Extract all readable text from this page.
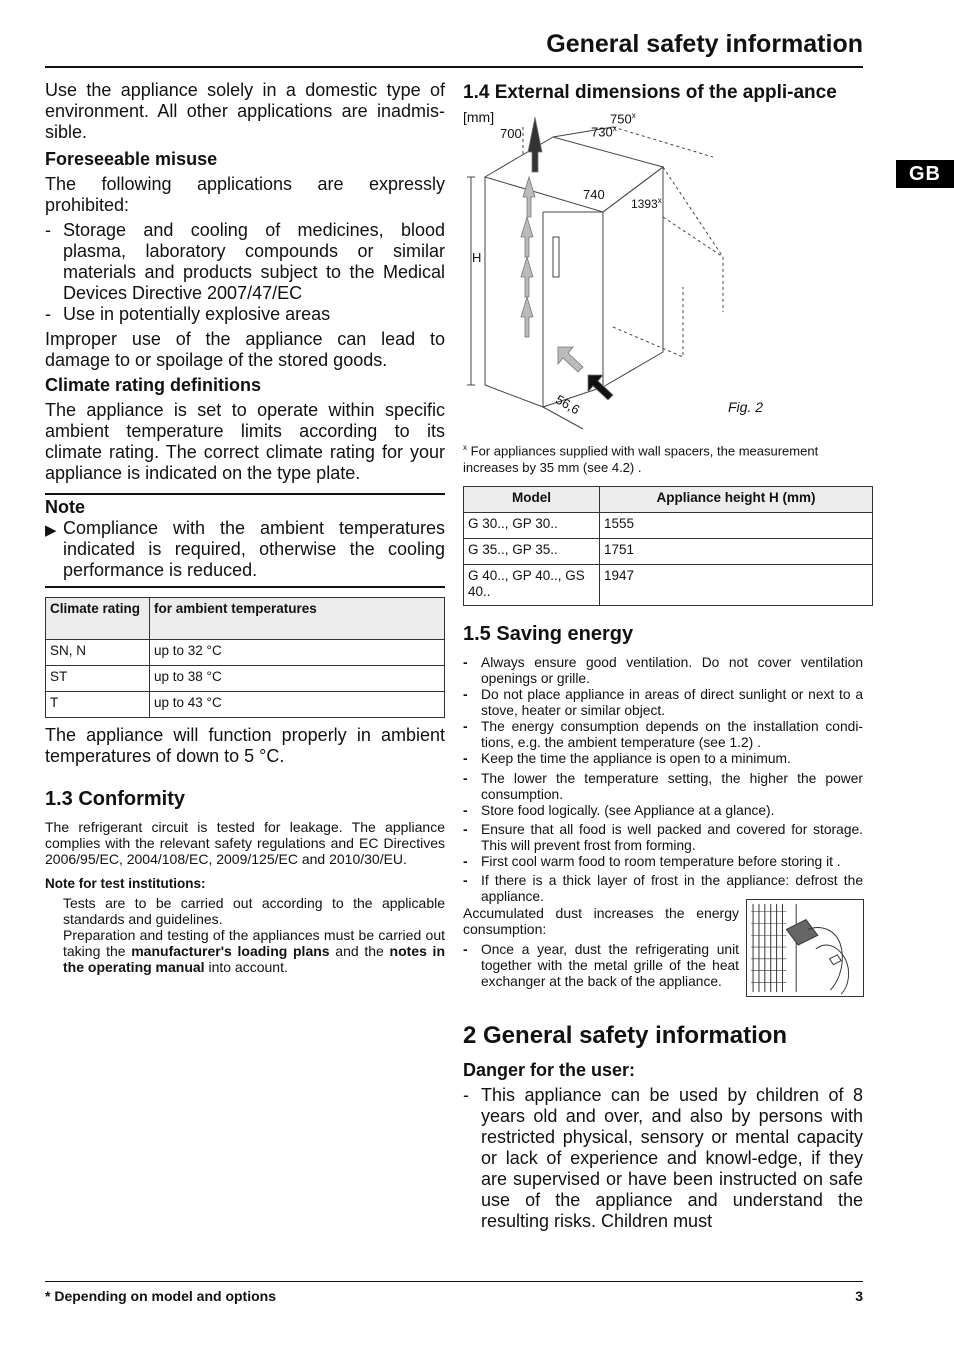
General safety information
GB

Use the appliance solely in a domestic type of environment. All other applications are inadmis-sible.

Foreseeable misuse

The following applications are expressly prohibited:

- Storage and cooling of medicines, blood plasma, laboratory compounds or similar materials and products subject to the Medical Devices Directive 2007/47/EC
- Use in potentially explosive areas

Improper use of the appliance can lead to damage to or spoilage of the stored goods.

Climate rating definitions

The appliance is set to operate within specific ambient temperature limits according to its climate rating. The correct climate rating for your appliance is indicated on the type plate.

Note
▶ Compliance with the ambient temperatures indicated is required, otherwise the cooling performance is reduced.
Climate rating	for ambient temperatures
SN, N	up to 32 °C
ST	up to 38 °C
T	up to 43 °C

The appliance will function properly in ambient temperatures of down to 5 °C.

1.3 Conformity

The refrigerant circuit is tested for leakage. The appliance complies with the relevant safety regulations and EC Directives 2006/95/EC, 2004/108/EC, 2009/125/EC and 2010/30/EU.

Note for test institutions:

Tests are to be carried out according to the applicable standards and guidelines.

Preparation and testing of the appliances must be carried out taking the manufacturer's loading plans and the notes in the operating manual into account.

1.4 External dimensions of the appli-ance
[mm]
700
750$^x$
730$^x$
740
1393$^x$
H
56,6	Fig. 2

$^x$ For appliances supplied with wall spacers, the measurement increases by 35 mm (see 4.2) .

Model	Appliance height H (mm)
G 30.., GP 30..	1555
G 35.., GP 35..	1751
G 40.., GP 40.., GS 40..	1947
1.5 Saving energy
- Always ensure good ventilation. Do not cover ventilation openings or grille.
- Do not place appliance in areas of direct sunlight or next to a stove, heater or similar object.
- The energy consumption depends on the installation condi-tions, e.g. the ambient temperature (see 1.2) .
- Keep the time the appliance is open to a minimum.
- The lower the temperature setting, the higher the power consumption.
- Store food logically. (see Appliance at a glance).
- Ensure that all food is well packed and covered for storage. This will prevent frost from forming.
- First cool warm food to room temperature before storing it .
- If there is a thick layer of frost in the appliance: defrost the appliance.

Accumulated dust increases the energy consumption:

- Once a year, dust the refrigerating unit together with the metal grille of the heat exchanger at the back of the appliance.
2 General safety information
Danger for the user:
- This appliance can be used by children of 8 years old and over, and also by persons with restricted physical, sensory or mental capacity or lack of experience and knowl-edge, if they are supervised or have been instructed on safe use of the appliance and understand the resulting risks. Children must
* Depending on model and options	3
